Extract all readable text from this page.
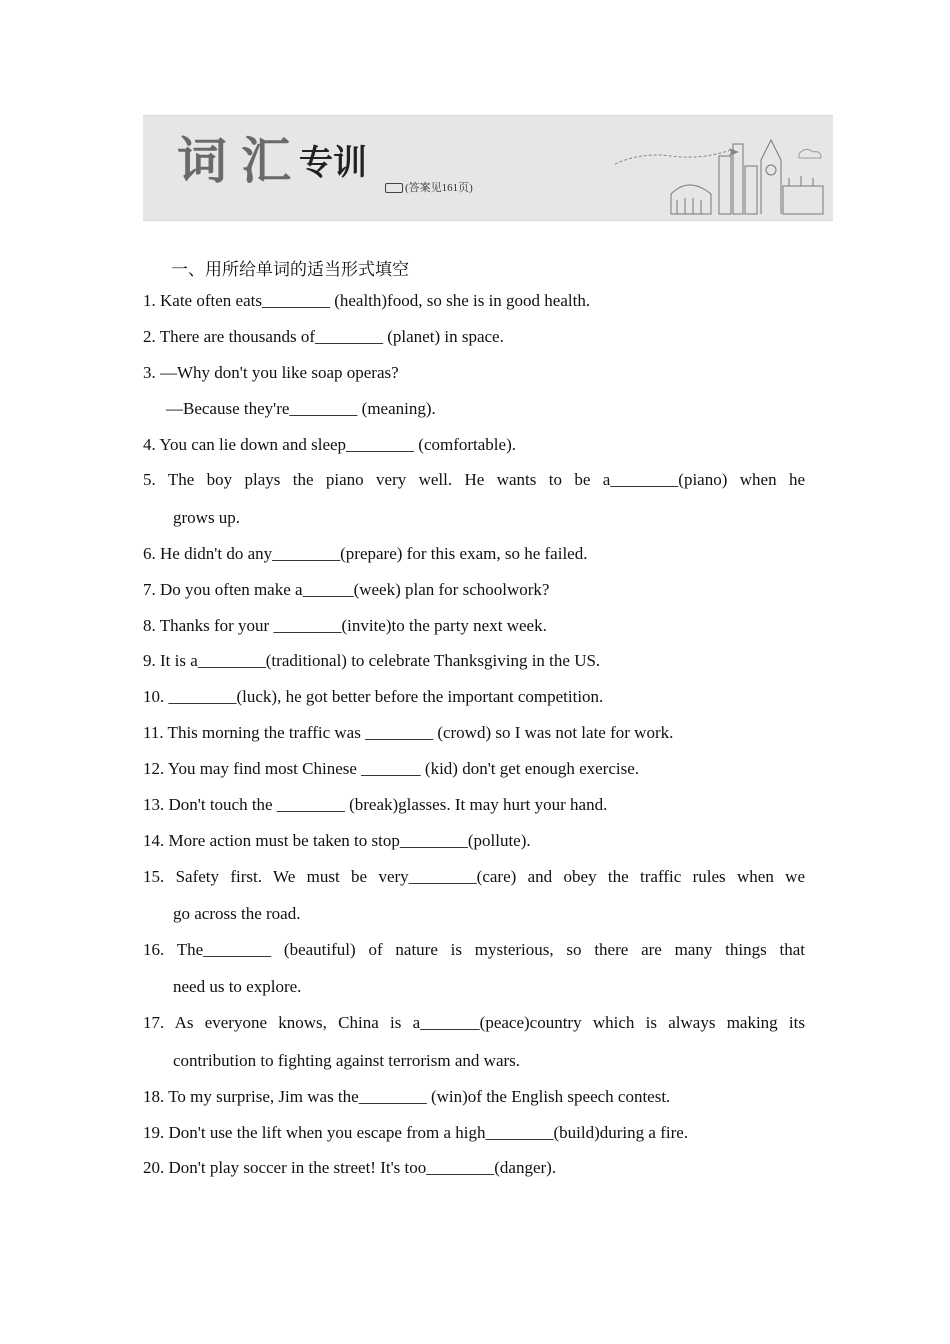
词汇专训
(答案见161页)
一、用所给单词的适当形式填空
1. Kate often eats________ (health)food, so she is in good health.
2. There are thousands of________ (planet) in space.
3. —Why don't you like soap operas?
—Because they're________ (meaning).
4. You can lie down and sleep________ (comfortable).
5. The boy plays the piano very well. He wants to be a________(piano) when he
grows up.
6. He didn't do any________(prepare) for this exam, so he failed.
7. Do you often make a______(week) plan for schoolwork?
8. Thanks for your ________(invite)to the party next week.
9. It is a________(traditional) to celebrate Thanksgiving in the US.
10. ________(luck), he got better before the important competition.
11. This morning the traffic was ________ (crowd) so I was not late for work.
12. You may find most Chinese _______ (kid) don't get enough exercise.
13. Don't touch the ________ (break)glasses. It may hurt your hand.
14. More action must be taken to stop________(pollute).
15. Safety first. We must be very________(care) and obey the traffic rules when we
go across the road.
16. The________ (beautiful) of nature is mysterious, so there are many things that
need us to explore.
17. As everyone knows, China is a_______(peace)country which is always making its
contribution to fighting against terrorism and wars.
18. To my surprise, Jim was the________ (win)of the English speech contest.
19. Don't use the lift when you escape from a high________(build)during a fire.
20. Don't play soccer in the street! It's too________(danger).
